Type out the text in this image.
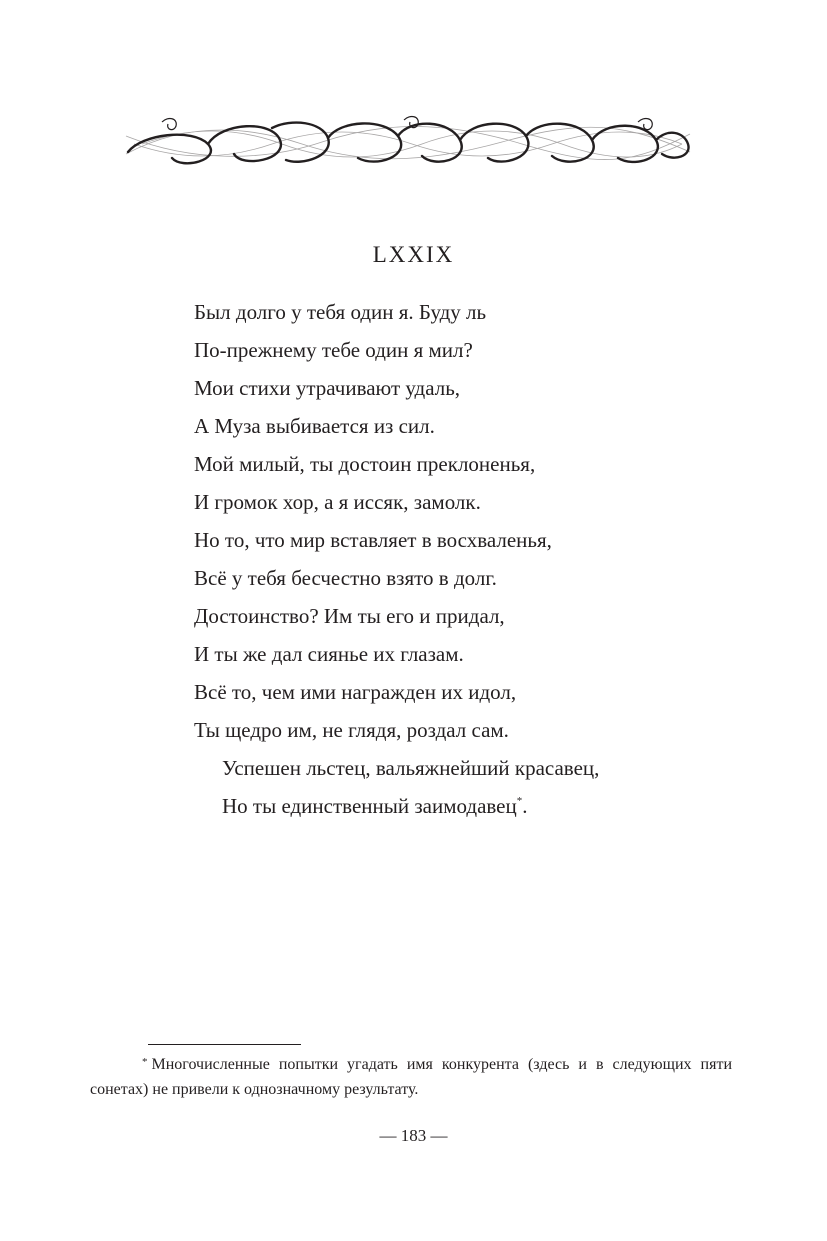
LXXIX
Был долго у тебя один я. Буду ль
По-прежнему тебе один я мил?
Мои стихи утрачивают удаль,
А Муза выбивается из сил.
Мой милый, ты достоин преклоненья,
И громок хор, а я иссяк, замолк.
Но то, что мир вставляет в восхваленья,
Всё у тебя бесчестно взято в долг.
Достоинство? Им ты его и придал,
И ты же дал сиянье их глазам.
Всё то, чем ими награжден их идол,
Ты щедро им, не глядя, роздал сам.
Успешен льстец, вальяжнейший красавец,
Но ты единственный заимодавец*.

* Многочисленные попытки угадать имя конкурента (здесь и в следующих пяти сонетах) не привели к однозначному результату.

— 183 —
